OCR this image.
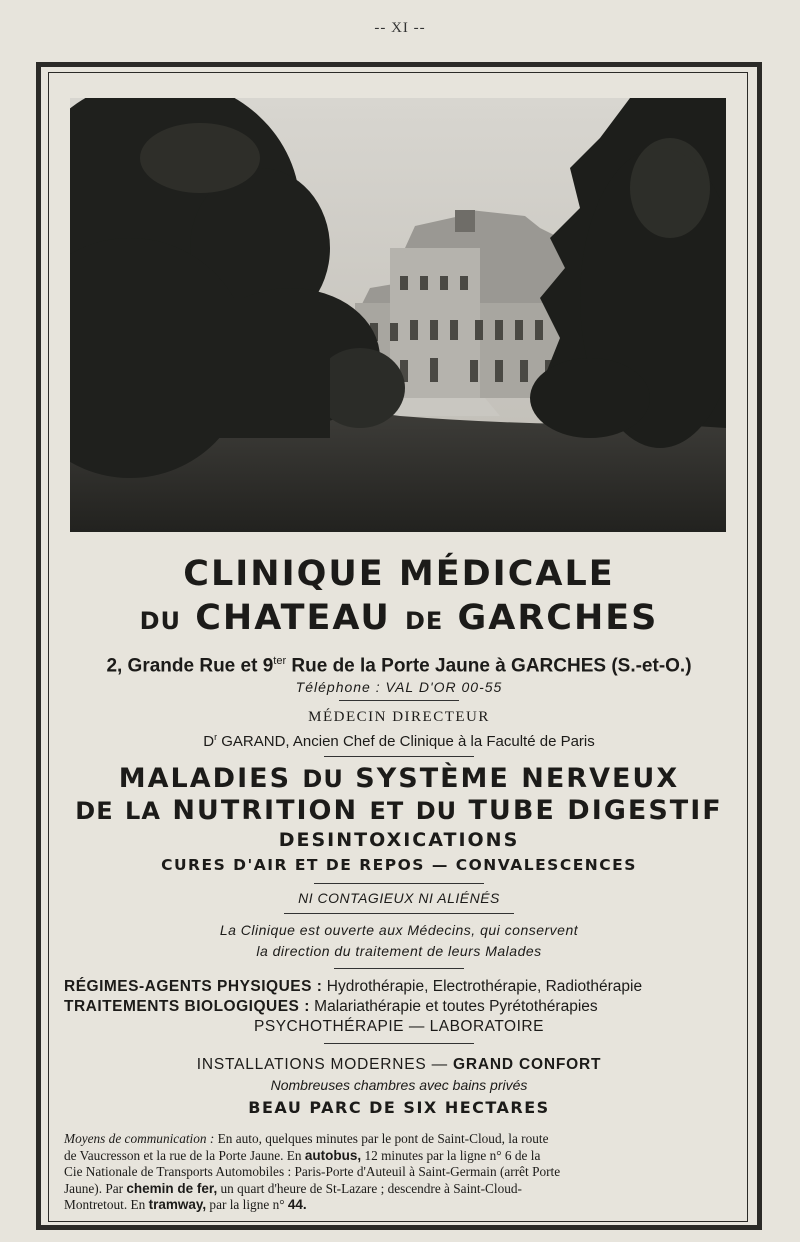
-- XI --
CLINIQUE MÉDICALE
DU CHATEAU DE GARCHES
2, Grande Rue et $9^{ter}$ Rue de la Porte Jaune à GARCHES (S.-et-O.)
Téléphone : VAL D'OR 00-55
MÉDECIN DIRECTEUR
$D^r$ GARAND, Ancien Chef de Clinique à la Faculté de Paris
MALADIES DU SYSTÈME NERVEUX
DE LA NUTRITION ET DU TUBE DIGESTIF
DESINTOXICATIONS
CURES D'AIR ET DE REPOS — CONVALESCENCES
NI CONTAGIEUX NI ALIÉNÉS
La Clinique est ouverte aux Médecins, qui conservent
la direction du traitement de leurs Malades
RÉGIMES-AGENTS PHYSIQUES : Hydrothérapie, Electrothérapie, Radiothérapie
TRAITEMENTS BIOLOGIQUES : Malariathérapie et toutes Pyrétothérapies
PSYCHOTHÉRAPIE — LABORATOIRE
INSTALLATIONS MODERNES — GRAND CONFORT
Nombreuses chambres avec bains privés
BEAU PARC DE SIX HECTARES
Moyens de communication : En auto, quelques minutes par le pont de Saint-Cloud, la route
de Vaucresson et la rue de la Porte Jaune. En autobus, 12 minutes par la ligne n° 6 de la
Cie Nationale de Transports Automobiles : Paris-Porte d'Auteuil à Saint-Germain (arrêt Porte
Jaune). Par chemin de fer, un quart d'heure de St-Lazare ; descendre à Saint-Cloud-
Montretout. En tramway, par la ligne n° 44.
